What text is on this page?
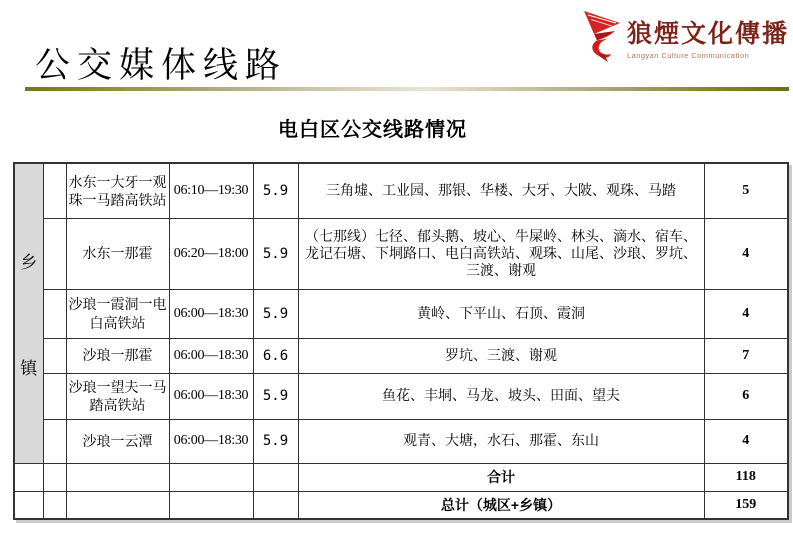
公交媒体线路
狼煙文化傳播
Langyan Culture Communication
电白区公交线路情况
乡
镇		水东一大牙一观珠一马踏高铁站	06:10—19:30	5.9	三角墟、工业园、那银、华楼、大牙、大陂、观珠、马踏	5
		水东一那霍	06:20—18:00	5.9	（七那线）七径、郁头鹅、坡心、牛屎岭、林头、滴水、宿车、龙记石塘、下垌路口、电白高铁站、观珠、山尾、沙琅、罗坑、三渡、谢观	4
		沙琅一霞洞一电白高铁站	06:00—18:30	5.9	黄岭、下平山、石顶、霞洞	4
		沙琅一那霍	06:00—18:30	6.6	罗坑、三渡、谢观	7
		沙琅一望夫一马踏高铁站	06:00—18:30	5.9	鱼花、丰垌、马龙、坡头、田面、望夫	6
		沙琅一云潭	06:00—18:30	5.9	观青、大塘，水石、那霍、东山	4
					合计	118
					总计（城区+乡镇）	159
